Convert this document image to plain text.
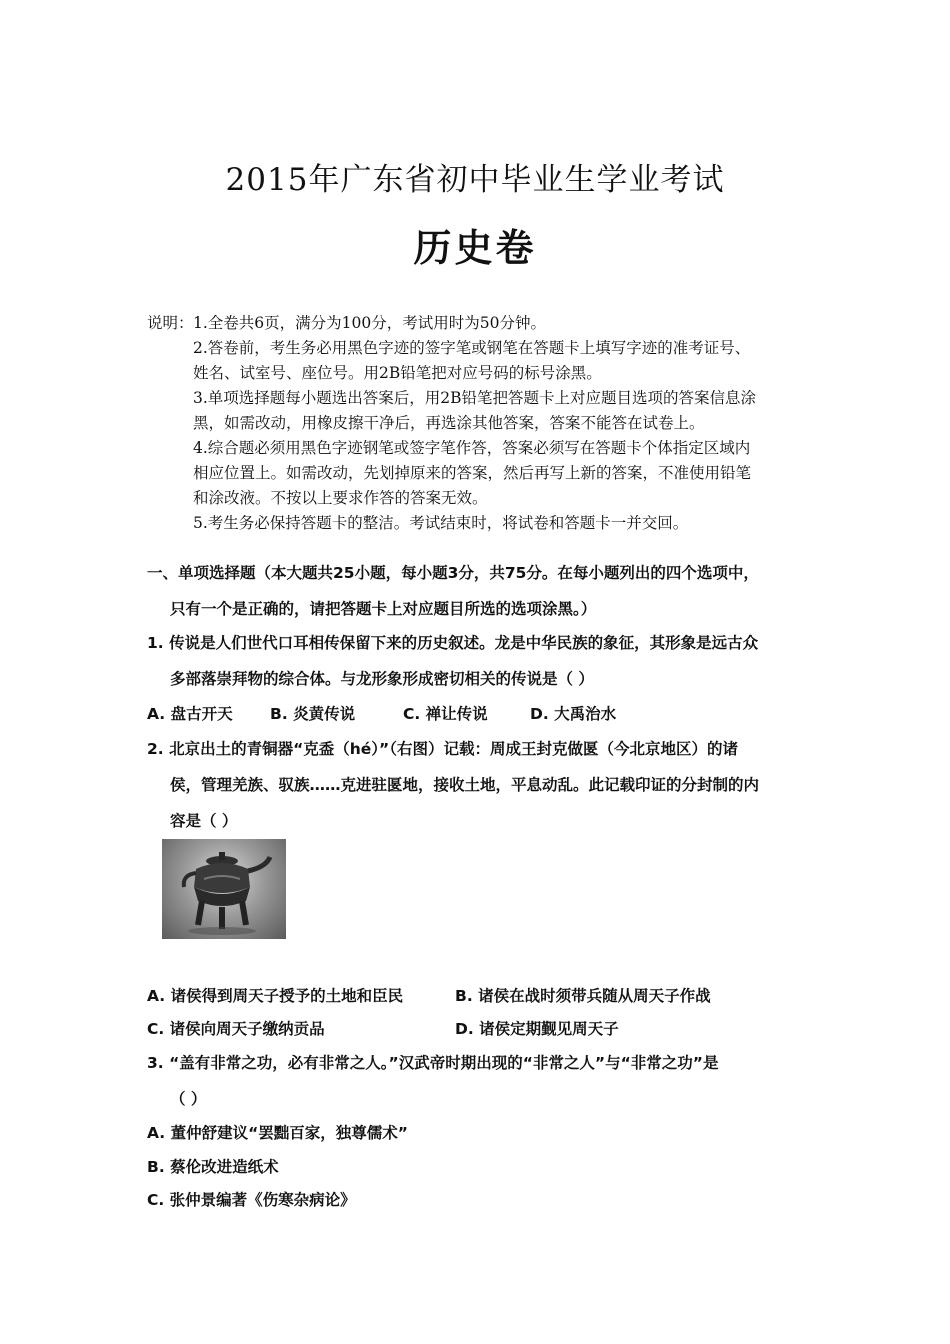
2015年广东省初中毕业生学业考试
历史卷
说明： 1.全卷共6页，满分为100分，考试用时为50分钟。
2.答卷前，考生务必用黑色字迹的签字笔或钢笔在答题卡上填写字迹的准考证号、
姓名、试室号、座位号。用2B铅笔把对应号码的标号涂黑。
3.单项选择题每小题选出答案后，用2B铅笔把答题卡上对应题目选项的答案信息涂
黑，如需改动，用橡皮擦干净后，再选涂其他答案，答案不能答在试卷上。
4.综合题必须用黑色字迹钢笔或签字笔作答，答案必须写在答题卡个体指定区域内
相应位置上。如需改动，先划掉原来的答案，然后再写上新的答案，不准使用铅笔
和涂改液。不按以上要求作答的答案无效。
5.考生务必保持答题卡的整洁。考试结束时，将试卷和答题卡一并交回。
一、单项选择题（本大题共25小题，每小题3分，共75分。在每小题列出的四个选项中，
只有一个是正确的，请把答题卡上对应题目所选的选项涂黑。）
1. 传说是人们世代口耳相传保留下来的历史叙述。龙是中华民族的象征，其形象是远古众
多部落崇拜物的综合体。与龙形象形成密切相关的传说是（ ）
A. 盘古开天 B. 炎黄传说	C. 禅让传说	D. 大禹治水
2. 北京出土的青铜器“克盉（hé）”（右图）记载：周成王封克做匽（今北京地区）的诸
侯，管理羌族、驭族……克进驻匽地，接收土地，平息动乱。此记载印证的分封制的内
容是（ ）
A. 诸侯得到周天子授予的土地和臣民	B. 诸侯在战时须带兵随从周天子作战
C. 诸侯向周天子缴纳贡品	D. 诸侯定期觐见周天子
3. “盖有非常之功，必有非常之人。”汉武帝时期出现的“非常之人”与“非常之功”是
（ ）
A. 董仲舒建议“罢黜百家，独尊儒术”
B. 蔡伦改进造纸术
C. 张仲景编著《伤寒杂病论》
